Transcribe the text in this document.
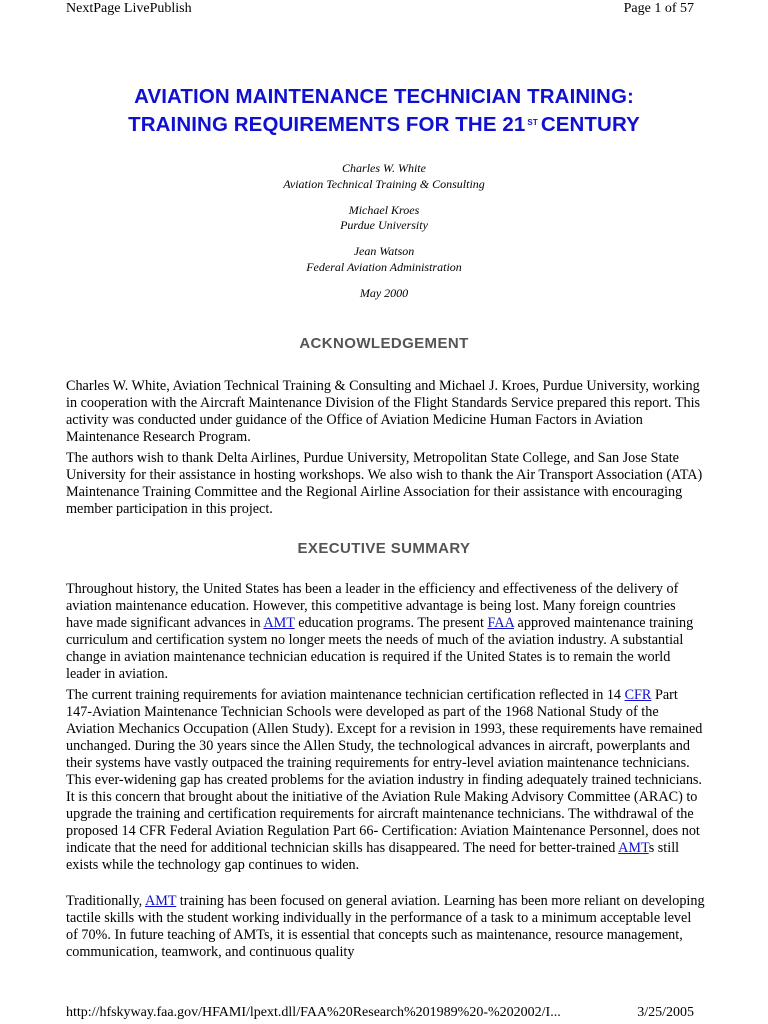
NextPage LivePublish	Page 1 of 57
AVIATION MAINTENANCE TECHNICIAN TRAINING:
TRAINING REQUIREMENTS FOR THE 21 $^{ST}$ CENTURY
Charles W. White
Aviation Technical Training & Consulting
Michael Kroes
Purdue University
Jean Watson
Federal Aviation Administration
May 2000
ACKNOWLEDGEMENT
Charles W. White, Aviation Technical Training & Consulting and Michael J. Kroes, Purdue University, working in cooperation with the Aircraft Maintenance Division of the Flight Standards Service prepared this report. This activity was conducted under guidance of the Office of Aviation Medicine Human Factors in Aviation Maintenance Research Program.
The authors wish to thank Delta Airlines, Purdue University, Metropolitan State College, and San Jose State University for their assistance in hosting workshops. We also wish to thank the Air Transport Association (ATA) Maintenance Training Committee and the Regional Airline Association for their assistance with encouraging member participation in this project.
EXECUTIVE SUMMARY
Throughout history, the United States has been a leader in the efficiency and effectiveness of the delivery of aviation maintenance education. However, this competitive advantage is being lost. Many foreign countries have made significant advances in AMT education programs. The present FAA approved maintenance training curriculum and certification system no longer meets the needs of much of the aviation industry. A substantial change in aviation maintenance technician education is required if the United States is to remain the world leader in aviation.
The current training requirements for aviation maintenance technician certification reflected in 14 CFR Part 147-Aviation Maintenance Technician Schools were developed as part of the 1968 National Study of the Aviation Mechanics Occupation (Allen Study). Except for a revision in 1993, these requirements have remained unchanged. During the 30 years since the Allen Study, the technological advances in aircraft, powerplants and their systems have vastly outpaced the training requirements for entry-level aviation maintenance technicians. This ever-widening gap has created problems for the aviation industry in finding adequately trained technicians. It is this concern that brought about the initiative of the Aviation Rule Making Advisory Committee (ARAC) to upgrade the training and certification requirements for aircraft maintenance technicians. The withdrawal of the proposed 14 CFR Federal Aviation Regulation Part 66- Certification: Aviation Maintenance Personnel, does not indicate that the need for additional technician skills has disappeared. The need for better-trained AMTs still exists while the technology gap continues to widen.
Traditionally, AMT training has been focused on general aviation. Learning has been more reliant on developing tactile skills with the student working individually in the performance of a task to a minimum acceptable level of 70%. In future teaching of AMTs, it is essential that concepts such as maintenance, resource management, communication, teamwork, and continuous quality
http://hfskyway.faa.gov/HFAMI/lpext.dll/FAA%20Research%201989%20-%202002/I...	3/25/2005
